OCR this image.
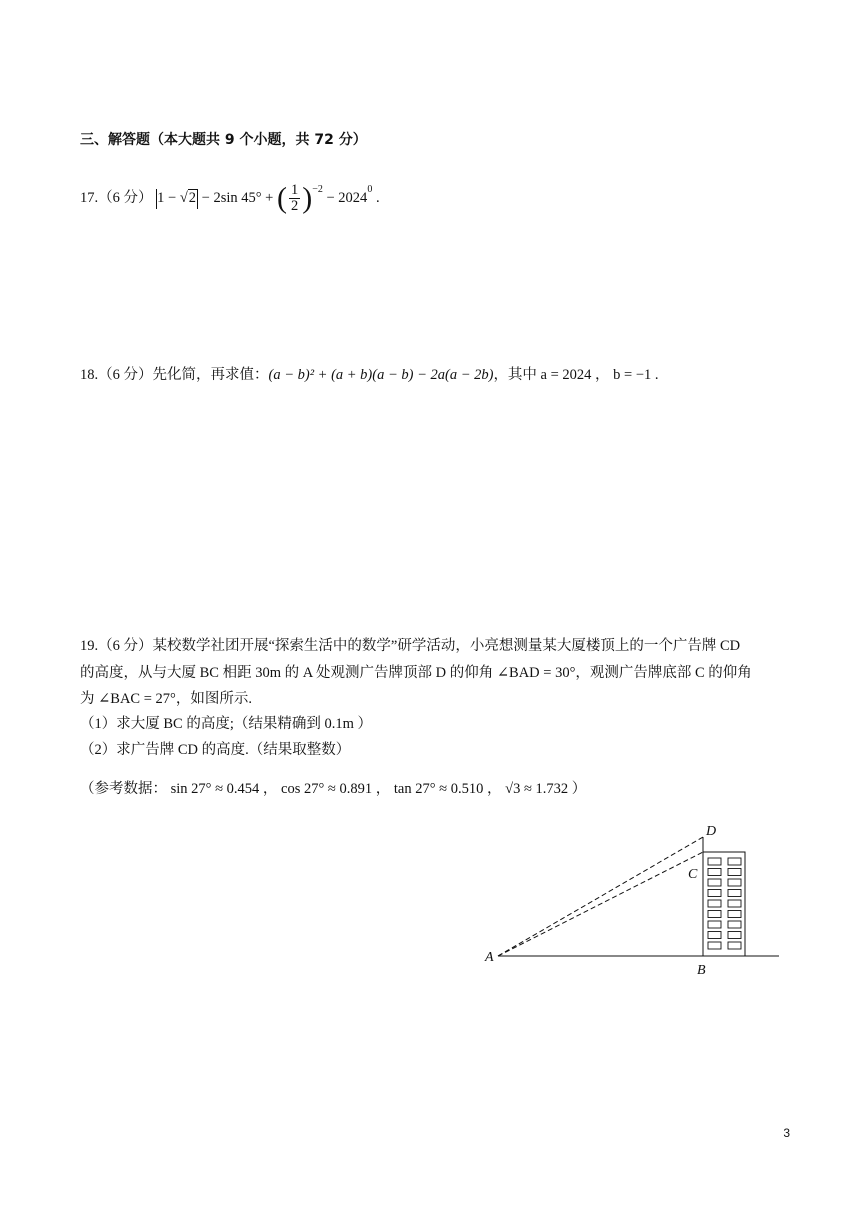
三、解答题（本大题共 9 个小题，共 72 分）
17.（6 分） 1 − √2 − 2sin 45° + ( $\frac{1}{2} )^{-2} - 2024^0$ .
18.（6 分）先化简，再求值：(a − b)² + (a + b)(a − b) − 2a(a − 2b)，其中 a = 2024 ， b = −1 .
19.（6 分）某校数学社团开展“探索生活中的数学”研学活动，小亮想测量某大厦楼顶上的一个广告牌 CD
的高度，从与大厦 BC 相距 30m 的 A 处观测广告牌顶部 D 的仰角 ∠BAD = 30°，观测广告牌底部 C 的仰角
为 ∠BAC = 27°，如图所示.
（1）求大厦 BC 的高度;（结果精确到 0.1m ）
（2）求广告牌 CD 的高度.（结果取整数）
（参考数据： sin 27° ≈ 0.454 ， cos 27° ≈ 0.891 ， tan 27° ≈ 0.510 ， √3 ≈ 1.732 ）
A
B
C
D
3
